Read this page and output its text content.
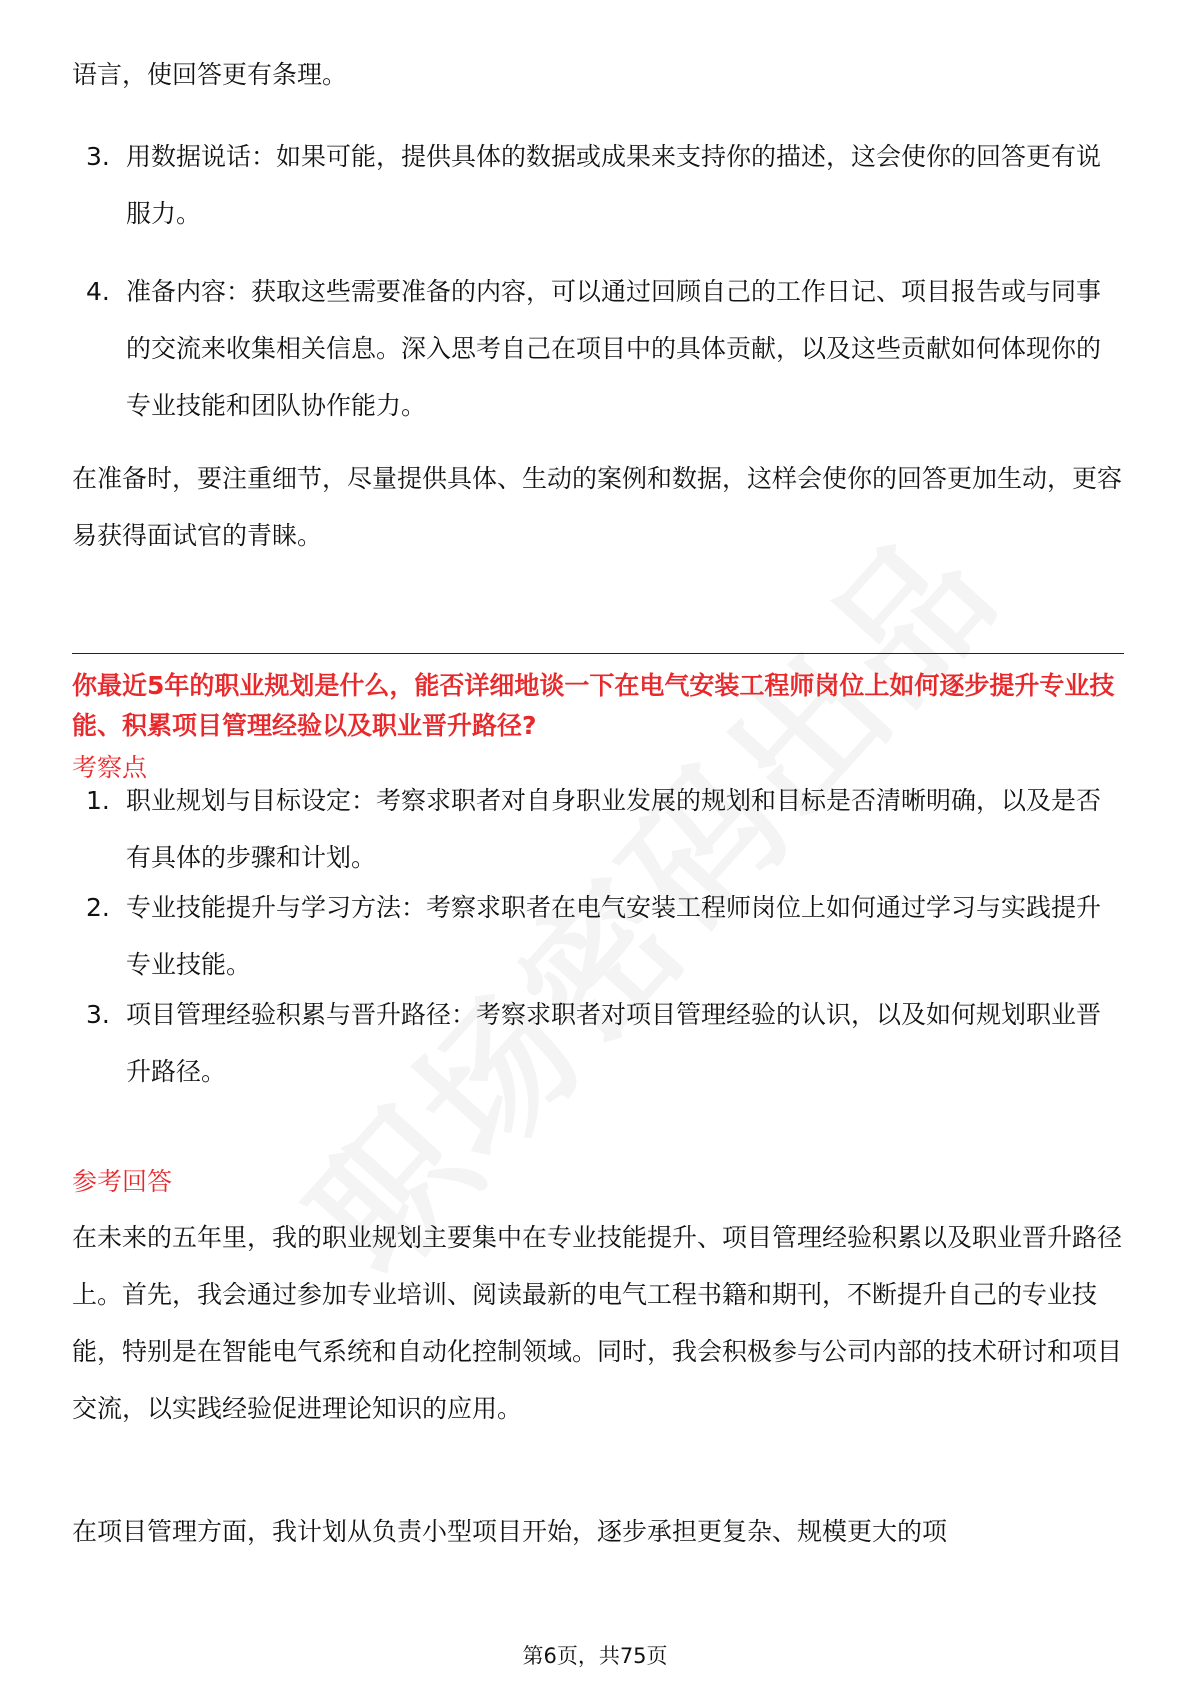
语言，使回答更有条理。

3. 用数据说话：如果可能，提供具体的数据或成果来支持你的描述，这会使你的回答更有说服力。
4. 准备内容：获取这些需要准备的内容，可以通过回顾自己的工作日记、项目报告或与同事的交流来收集相关信息。深入思考自己在项目中的具体贡献，以及这些贡献如何体现你的专业技能和团队协作能力。

在准备时，要注重细节，尽量提供具体、生动的案例和数据，这样会使你的回答更加生动，更容易获得面试官的青睐。

你最近5年的职业规划是什么，能否详细地谈一下在电气安装工程师岗位上如何逐步提升专业技能、积累项目管理经验以及职业晋升路径?
考察点
1. 职业规划与目标设定：考察求职者对自身职业发展的规划和目标是否清晰明确，以及是否有具体的步骤和计划。
2. 专业技能提升与学习方法：考察求职者在电气安装工程师岗位上如何通过学习与实践提升专业技能。
3. 项目管理经验积累与晋升路径：考察求职者对项目管理经验的认识，以及如何规划职业晋升路径。
参考回答

在未来的五年里，我的职业规划主要集中在专业技能提升、项目管理经验积累以及职业晋升路径上。首先，我会通过参加专业培训、阅读最新的电气工程书籍和期刊，不断提升自己的专业技能，特别是在智能电气系统和自动化控制领域。同时，我会积极参与公司内部的技术研讨和项目交流，以实践经验促进理论知识的应用。

在项目管理方面，我计划从负责小型项目开始，逐步承担更复杂、规模更大的项

第6页，共75页
